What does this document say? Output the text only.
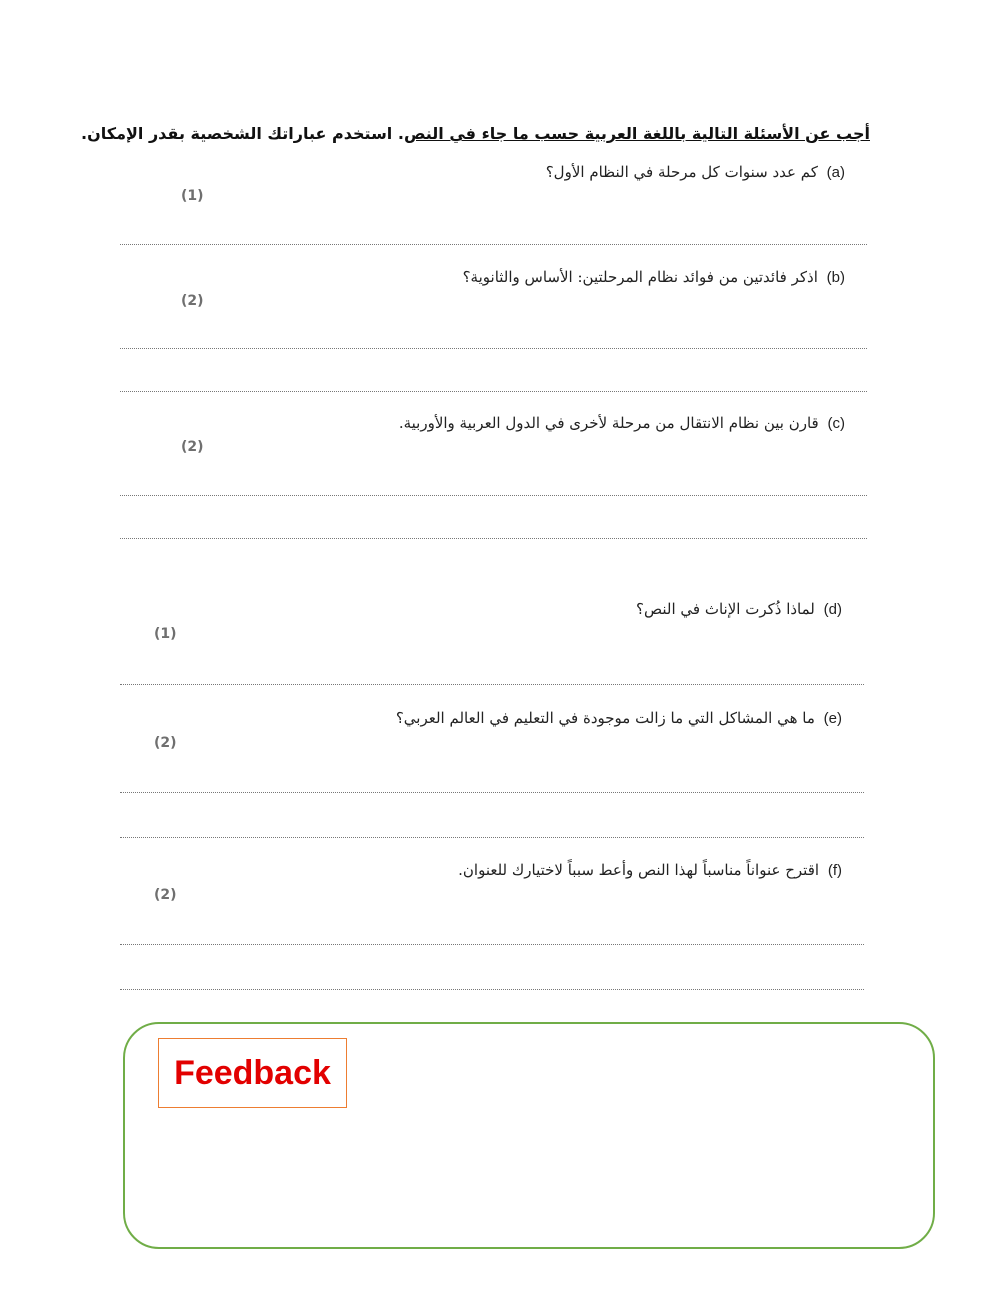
أجب عن الأسئلة التالية باللغة العربية حسب ما جاء في النص. استخدم عباراتك الشخصية بقدر الإمكان.
(a) كم عدد سنوات كل مرحلة في النظام الأول؟
(1)
(b) اذكر فائدتين من فوائد نظام المرحلتين: الأساس والثانوية؟
(2)
(c) قارن بين نظام الانتقال من مرحلة لأخرى في الدول العربية والأوربية.
(2)
(d) لماذا ذُكرت الإناث في النص؟
(1)
(e) ما هي المشاكل التي ما زالت موجودة في التعليم في العالم العربي؟
(2)
(f) اقترح عنواناً مناسباً لهذا النص وأعط سبباً لاختيارك للعنوان.
(2)
Feedback
